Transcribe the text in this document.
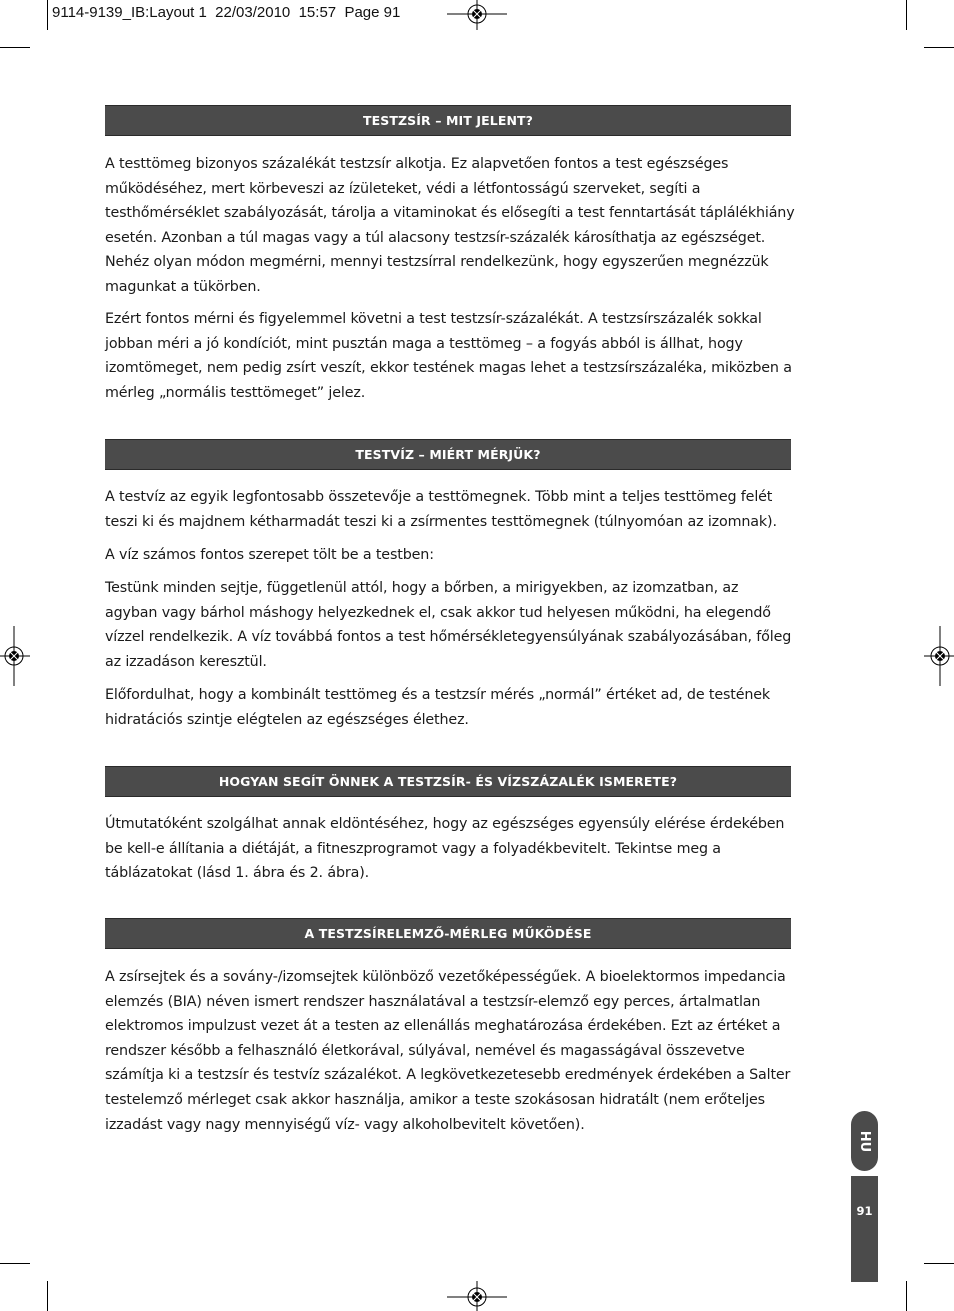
9114-9139_IB:Layout 1  22/03/2010  15:57  Page 91
TESTZSÍR – MIT JELENT?

A testtömeg bizonyos százalékát testzsír alkotja. Ez alapvetően fontos a test egészséges működéséhez, mert körbeveszi az ízületeket, védi a létfontosságú szerveket, segíti a testhőmérséklet szabályozását, tárolja a vitaminokat és elősegíti a test fenntartását táplálékhiány esetén. Azonban a túl magas vagy a túl alacsony testzsír-százalék károsíthatja az egészséget. Nehéz olyan módon megmérni, mennyi testzsírral rendelkezünk, hogy egyszerűen megnézzük magunkat a tükörben.

Ezért fontos mérni és figyelemmel követni a test testzsír-százalékát. A testzsírszázalék sokkal jobban méri a jó kondíciót, mint pusztán maga a testtömeg – a fogyás abból is állhat, hogy izomtömeget, nem pedig zsírt veszít, ekkor testének magas lehet a testzsírszázaléka, miközben a mérleg „normális testtömeget” jelez.

TESTVÍZ – MIÉRT MÉRJÜK?

A testvíz az egyik legfontosabb összetevője a testtömegnek. Több mint a teljes testtömeg felét teszi ki és majdnem kétharmadát teszi ki a zsírmentes testtömegnek (túlnyomóan az izomnak).

A víz számos fontos szerepet tölt be a testben:

Testünk minden sejtje, függetlenül attól, hogy a bőrben, a mirigyekben, az izomzatban, az agyban vagy bárhol máshogy helyezkednek el, csak akkor tud helyesen működni, ha elegendő vízzel rendelkezik. A víz továbbá fontos a test hőmérsékletegyensúlyának szabályozásában, főleg az izzadáson keresztül.

Előfordulhat, hogy a kombinált testtömeg és a testzsír mérés „normál” értéket ad, de testének hidratációs szintje elégtelen az egészséges élethez.

HOGYAN SEGÍT ÖNNEK A TESTZSÍR- ÉS VÍZSZÁZALÉK ISMERETE?

Útmutatóként szolgálhat annak eldöntéséhez, hogy az egészséges egyensúly elérése érdekében be kell-e állítania a diétáját, a fitneszprogramot vagy a folyadékbevitelt. Tekintse meg a táblázatokat (lásd 1. ábra és 2. ábra).

A TESTZSÍRELEMZŐ-MÉRLEG MŰKÖDÉSE

A zsírsejtek és a sovány-/izomsejtek különböző vezetőképességűek. A bioelektormos impedancia elemzés (BIA) néven ismert rendszer használatával a testzsír-elemző egy perces, ártalmatlan elektromos impulzust vezet át a testen az ellenállás meghatározása érdekében. Ezt az értéket a rendszer később a felhasználó életkorával, súlyával, nemével és magasságával összevetve számítja ki a testzsír és testvíz százalékot. A legkövetkezetesebb eredmények érdekében a Salter testelemző mérleget csak akkor használja, amikor a teste szokásosan hidratált (nem erőteljes izzadást vagy nagy mennyiségű víz- vagy alkoholbevitelt követően).

HU
91
